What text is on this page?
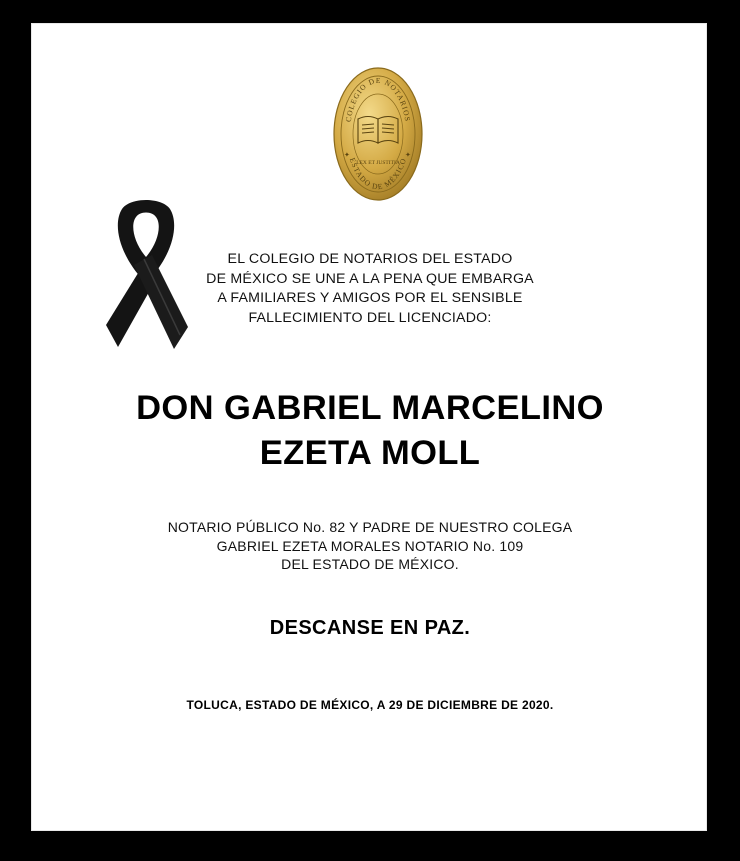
COLEGIO DE NOTARIOS
ESTADO DE MÉXICO
✦	✦
LEX ET JUSTITIA
EL COLEGIO DE NOTARIOS DEL ESTADO
DE MÉXICO SE UNE A LA PENA QUE EMBARGA
A FAMILIARES Y AMIGOS POR EL SENSIBLE
FALLECIMIENTO DEL LICENCIADO:
DON GABRIEL MARCELINO
EZETA MOLL
NOTARIO PÚBLICO No. 82 Y PADRE DE NUESTRO COLEGA
GABRIEL EZETA MORALES NOTARIO No. 109
DEL ESTADO DE MÉXICO.
DESCANSE EN PAZ.
TOLUCA, ESTADO DE MÉXICO, A 29 DE DICIEMBRE DE 2020.
